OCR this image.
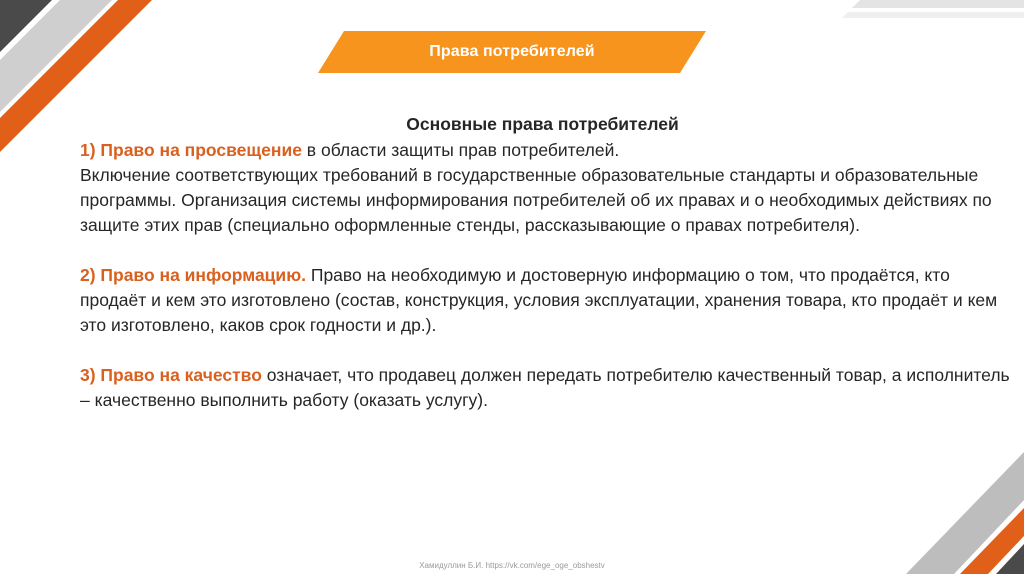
Права потребителей
Основные права потребителей

1) Право на просвещение в области защиты прав потребителей.
Включение соответствующих требований в государственные образовательные стандарты и образовательные программы. Организация системы информирования потребителей об их правах и о необходимых действиях по защите этих прав (специально оформленные стенды, рассказывающие о правах потребителя).

2) Право на информацию. Право на необходимую и достоверную информацию о том, что продаётся, кто продаёт и кем это изготовлено (состав, конструкция, условия эксплуатации, хранения товара, кто продаёт и кем это изготовлено, каков срок годности и др.).

3) Право на качество означает, что продавец должен передать потребителю качественный товар, а исполнитель – качественно выполнить работу (оказать услугу).

Хамидуллин Б.И. https://vk.com/ege_oge_obshestv
